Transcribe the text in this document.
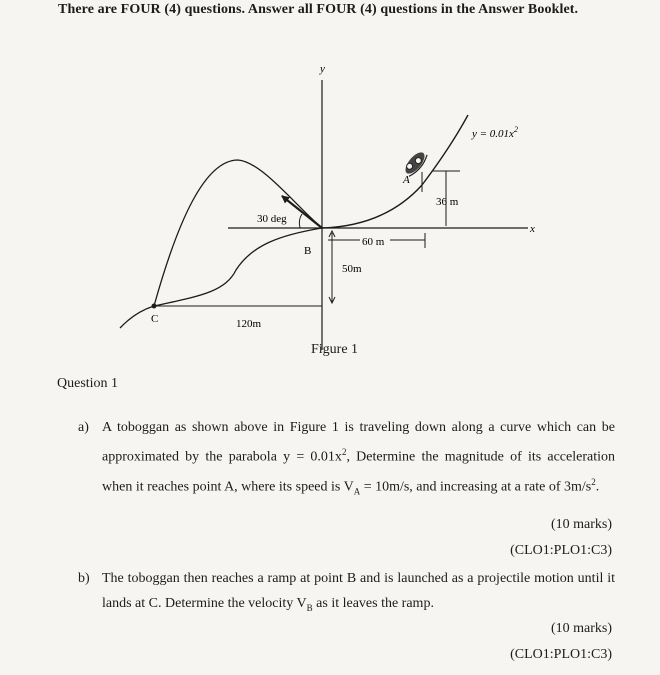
There are FOUR (4) questions. Answer all FOUR (4) questions in the Answer Booklet.
y
x
$y = 0.01x^2$
A
36 m
60 m
50m
30 deg
B
C	120m
Figure 1
Question 1
a) A toboggan as shown above in Figure 1 is traveling down along a curve which can be approximated by the parabola $y = 0.01x^2$, Determine the magnitude of its acceleration when it reaches point A, where its speed is $V_A = 10m/s$, and increasing at a rate of $3m/s^2$.
(10 marks)
(CLO1:PLO1:C3)
b) The toboggan then reaches a ramp at point B and is launched as a projectile motion until it lands at C. Determine the velocity $V_B$ as it leaves the ramp.
(10 marks)
(CLO1:PLO1:C3)
